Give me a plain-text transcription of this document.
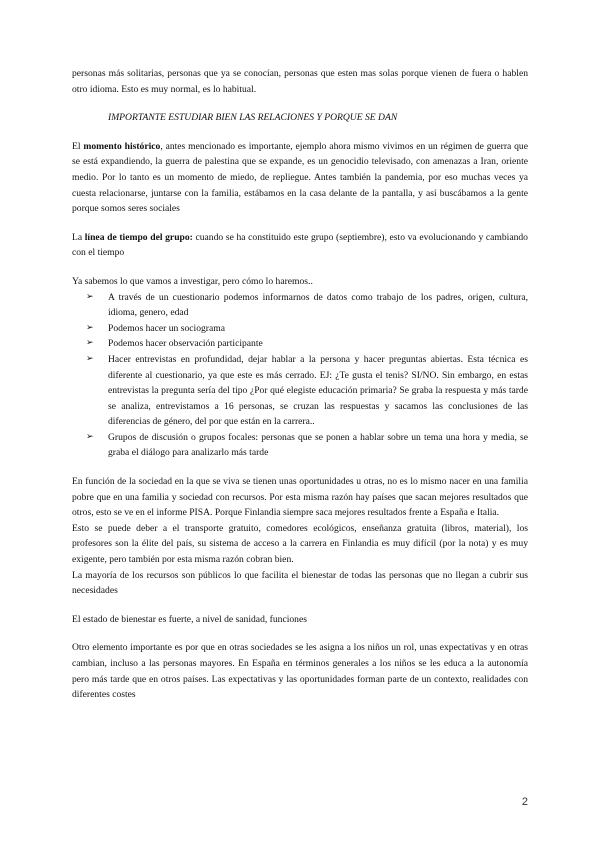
personas más solitarias, personas que ya se conocían, personas que esten mas solas porque vienen de fuera o hablen otro idioma. Esto es muy normal, es lo habitual.

IMPORTANTE ESTUDIAR BIEN LAS RELACIONES Y PORQUE SE DAN

El momento histórico, antes mencionado es importante, ejemplo ahora mismo vivimos en un régimen de guerra que se está expandiendo, la guerra de palestina que se expande, es un genocidio televisado, con amenazas a Iran, oriente medio. Por lo tanto es un momento de miedo, de repliegue. Antes también la pandemia, por eso muchas veces ya cuesta relacionarse, juntarse con la familia, estábamos en la casa delante de la pantalla, y así buscábamos a la gente porque somos seres sociales

La línea de tiempo del grupo: cuando se ha constituido este grupo (septiembre), esto va evolucionando y cambiando con el tiempo

Ya sabemos lo que vamos a investigar, pero cómo lo haremos..

➢ A través de un cuestionario podemos informarnos de datos como trabajo de los padres, origen, cultura, idioma, genero, edad
➢ Podemos hacer un sociograma
➢ Podemos hacer observación participante
➢ Hacer entrevistas en profundidad, dejar hablar a la persona y hacer preguntas abiertas. Esta técnica es diferente al cuestionario, ya que este es más cerrado. EJ: ¿Te gusta el tenis? SI/NO. Sin embargo, en estas entrevistas la pregunta sería del tipo ¿Por qué elegiste educación primaria? Se graba la respuesta y más tarde se analiza, entrevistamos a 16 personas, se cruzan las respuestas y sacamos las conclusiones de las diferencias de género, del por que están en la carrera..
➢ Grupos de discusión o grupos focales: personas que se ponen a hablar sobre un tema una hora y media, se graba el diálogo para analizarlo más tarde

En función de la sociedad en la que se viva se tienen unas oportunidades u otras, no es lo mismo nacer en una familia pobre que en una familia y sociedad con recursos. Por esta misma razón hay países que sacan mejores resultados que otros, esto se ve en el informe PISA. Porque Finlandia siempre saca mejores resultados frente a España e Italia.

Esto se puede deber a el transporte gratuito, comedores ecológicos, enseñanza gratuita (libros, material), los profesores son la élite del país, su sistema de acceso a la carrera en Finlandia es muy difícil (por la nota) y es muy exigente, pero también por esta misma razón cobran bien.

La mayoría de los recursos son públicos lo que facilita el bienestar de todas las personas que no llegan a cubrir sus necesidades

El estado de bienestar es fuerte, a nivel de sanidad, funciones

Otro elemento importante es por que en otras sociedades se les asigna a los niños un rol, unas expectativas y en otras cambian, incluso a las personas mayores. En España en términos generales a los niños se les educa a la autonomía pero más tarde que en otros países. Las expectativas y las oportunidades forman parte de un contexto, realidades con diferentes costes

2
